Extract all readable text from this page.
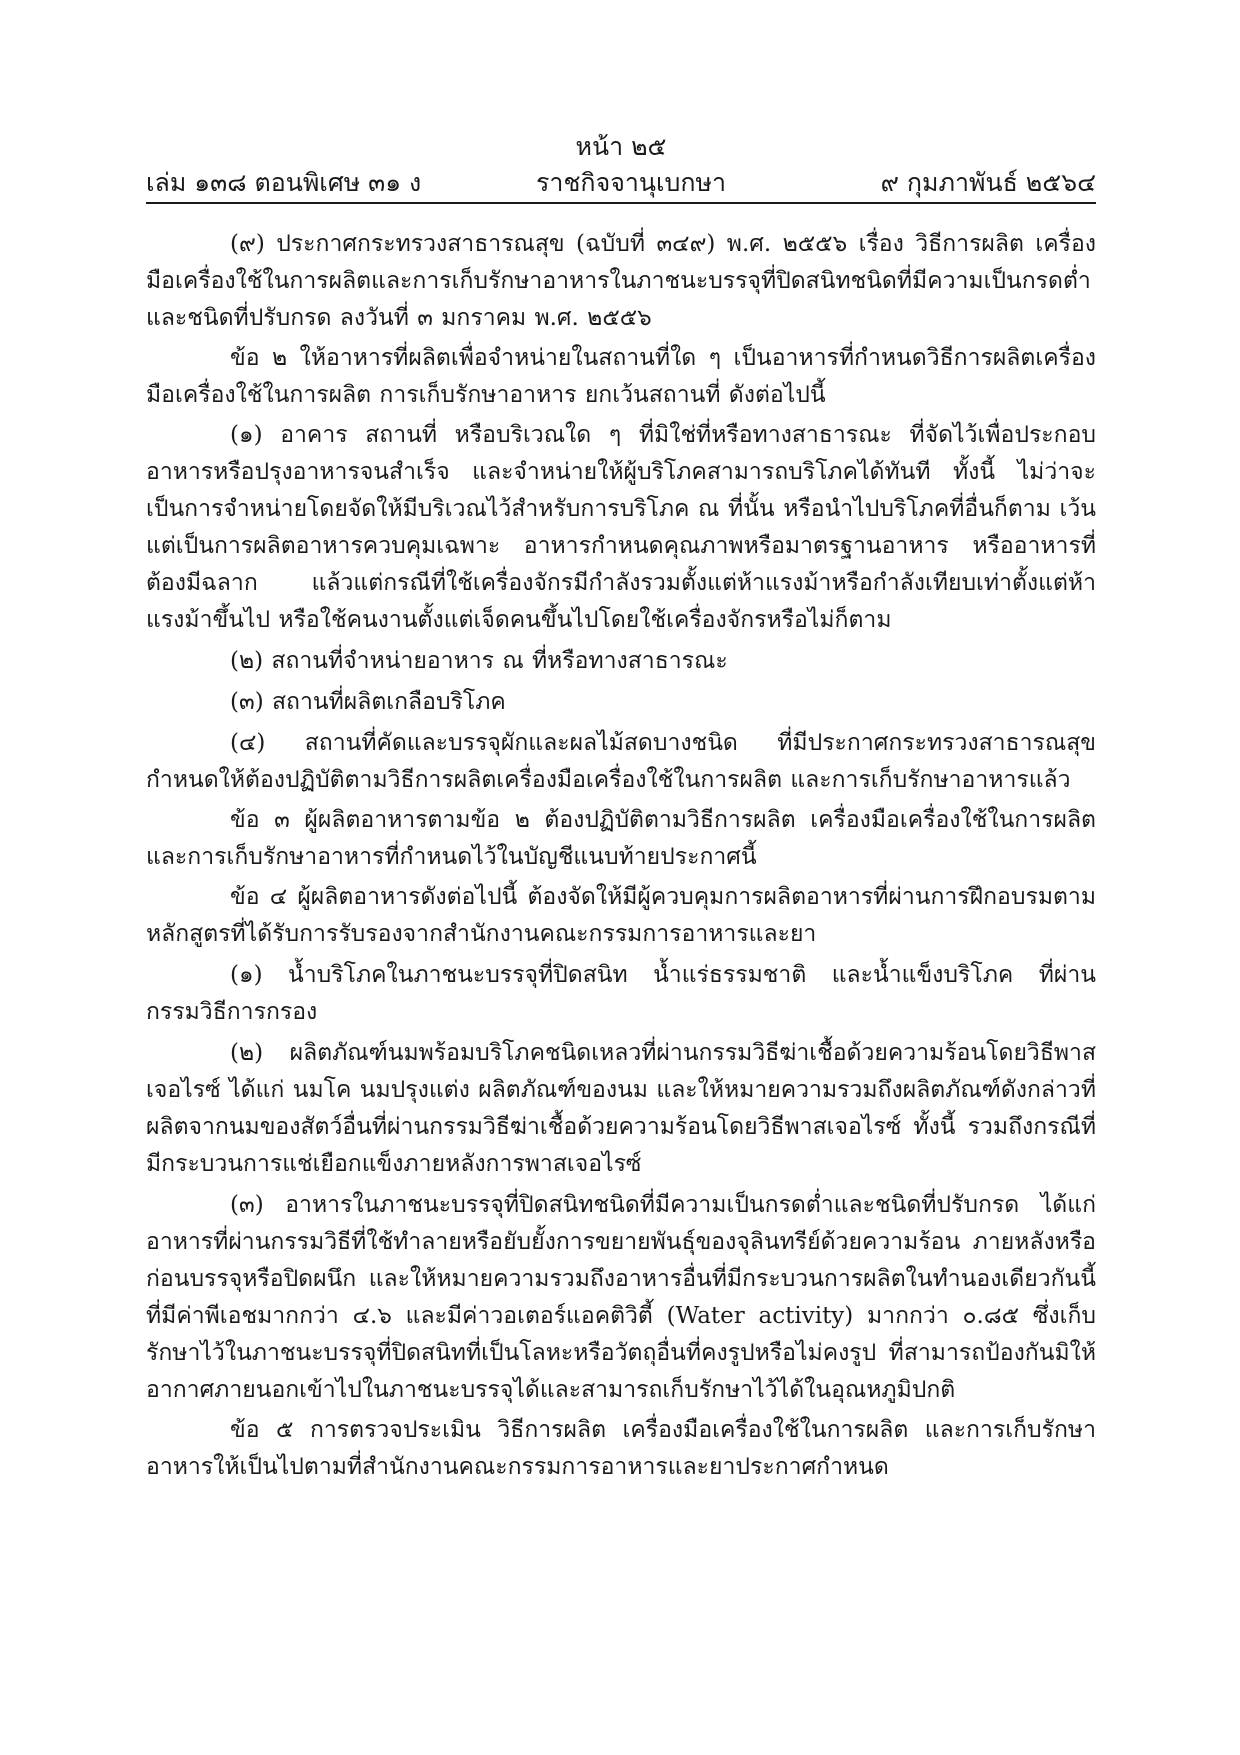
หน้า ๒๕
เล่ม ๑๓๘ ตอนพิเศษ ๓๑ ง	ราชกิจจานุเบกษา	๙ กุมภาพันธ์ ๒๕๖๔

(๙) ประกาศกระทรวงสาธารณสุข (ฉบับที่ ๓๔๙) พ.ศ. ๒๕๕๖ เรื่อง วิธีการผลิต เครื่องมือเครื่องใช้ในการผลิตและการเก็บรักษาอาหารในภาชนะบรรจุที่ปิดสนิทชนิดที่มีความเป็นกรดต่ำและชนิดที่ปรับกรด ลงวันที่ ๓ มกราคม พ.ศ. ๒๕๕๖

ข้อ ๒ ให้อาหารที่ผลิตเพื่อจำหน่ายในสถานที่ใด ๆ เป็นอาหารที่กำหนดวิธีการผลิตเครื่องมือเครื่องใช้ในการผลิต การเก็บรักษาอาหาร ยกเว้นสถานที่ ดังต่อไปนี้

(๑) อาคาร สถานที่ หรือบริเวณใด ๆ ที่มิใช่ที่หรือทางสาธารณะ ที่จัดไว้เพื่อประกอบอาหารหรือปรุงอาหารจนสำเร็จ และจำหน่ายให้ผู้บริโภคสามารถบริโภคได้ทันที ทั้งนี้ ไม่ว่าจะเป็นการจำหน่ายโดยจัดให้มีบริเวณไว้สำหรับการบริโภค ณ ที่นั้น หรือนำไปบริโภคที่อื่นก็ตาม เว้นแต่เป็นการผลิตอาหารควบคุมเฉพาะ อาหารกำหนดคุณภาพหรือมาตรฐานอาหาร หรืออาหารที่ต้องมีฉลาก แล้วแต่กรณีที่ใช้เครื่องจักรมีกำลังรวมตั้งแต่ห้าแรงม้าหรือกำลังเทียบเท่าตั้งแต่ห้าแรงม้าขึ้นไป หรือใช้คนงานตั้งแต่เจ็ดคนขึ้นไปโดยใช้เครื่องจักรหรือไม่ก็ตาม

(๒) สถานที่จำหน่ายอาหาร ณ ที่หรือทางสาธารณะ

(๓) สถานที่ผลิตเกลือบริโภค

(๔) สถานที่คัดและบรรจุผักและผลไม้สดบางชนิด ที่มีประกาศกระทรวงสาธารณสุขกำหนดให้ต้องปฏิบัติตามวิธีการผลิตเครื่องมือเครื่องใช้ในการผลิต และการเก็บรักษาอาหารแล้ว

ข้อ ๓ ผู้ผลิตอาหารตามข้อ ๒ ต้องปฏิบัติตามวิธีการผลิต เครื่องมือเครื่องใช้ในการผลิตและการเก็บรักษาอาหารที่กำหนดไว้ในบัญชีแนบท้ายประกาศนี้

ข้อ ๔ ผู้ผลิตอาหารดังต่อไปนี้ ต้องจัดให้มีผู้ควบคุมการผลิตอาหารที่ผ่านการฝึกอบรมตามหลักสูตรที่ได้รับการรับรองจากสำนักงานคณะกรรมการอาหารและยา

(๑) น้ำบริโภคในภาชนะบรรจุที่ปิดสนิท น้ำแร่ธรรมชาติ และน้ำแข็งบริโภค ที่ผ่านกรรมวิธีการกรอง

(๒) ผลิตภัณฑ์นมพร้อมบริโภคชนิดเหลวที่ผ่านกรรมวิธีฆ่าเชื้อด้วยความร้อนโดยวิธีพาสเจอไรซ์ ได้แก่ นมโค นมปรุงแต่ง ผลิตภัณฑ์ของนม และให้หมายความรวมถึงผลิตภัณฑ์ดังกล่าวที่ผลิตจากนมของสัตว์อื่นที่ผ่านกรรมวิธีฆ่าเชื้อด้วยความร้อนโดยวิธีพาสเจอไรซ์ ทั้งนี้ รวมถึงกรณีที่มีกระบวนการแช่เยือกแข็งภายหลังการพาสเจอไรซ์

(๓) อาหารในภาชนะบรรจุที่ปิดสนิทชนิดที่มีความเป็นกรดต่ำและชนิดที่ปรับกรด ได้แก่อาหารที่ผ่านกรรมวิธีที่ใช้ทำลายหรือยับยั้งการขยายพันธุ์ของจุลินทรีย์ด้วยความร้อน ภายหลังหรือก่อนบรรจุหรือปิดผนึก และให้หมายความรวมถึงอาหารอื่นที่มีกระบวนการผลิตในทำนองเดียวกันนี้ ที่มีค่าพีเอชมากกว่า ๔.๖ และมีค่าวอเตอร์แอคติวิตี้ (Water activity) มากกว่า ๐.๘๕ ซึ่งเก็บรักษาไว้ในภาชนะบรรจุที่ปิดสนิทที่เป็นโลหะหรือวัตถุอื่นที่คงรูปหรือไม่คงรูป ที่สามารถป้องกันมิให้อากาศภายนอกเข้าไปในภาชนะบรรจุได้และสามารถเก็บรักษาไว้ได้ในอุณหภูมิปกติ

ข้อ ๕ การตรวจประเมิน วิธีการผลิต เครื่องมือเครื่องใช้ในการผลิต และการเก็บรักษาอาหารให้เป็นไปตามที่สำนักงานคณะกรรมการอาหารและยาประกาศกำหนด
